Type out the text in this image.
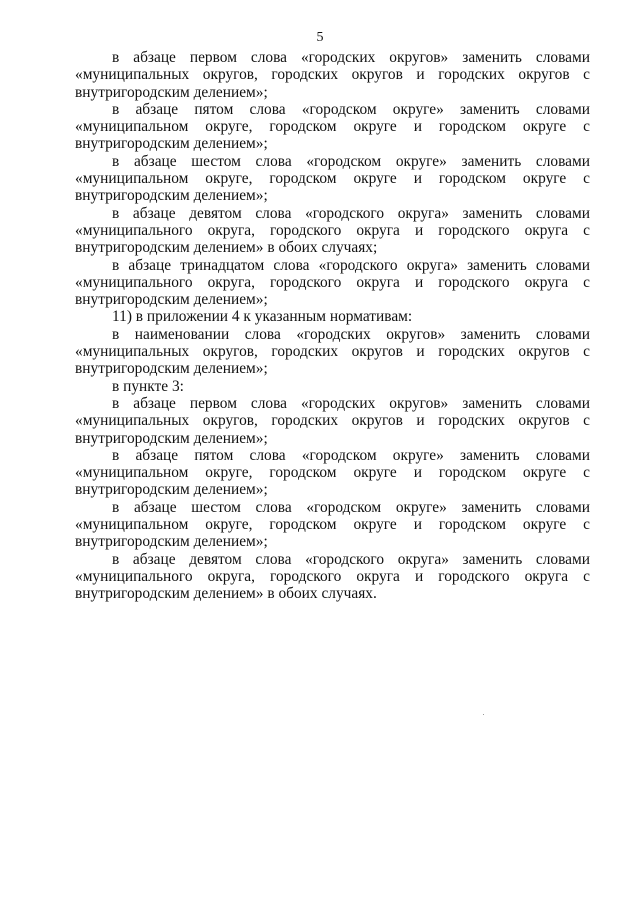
5

в абзаце первом слова «городских округов» заменить словами «муниципальных округов, городских округов и городских округов с внутригородским делением»;

в абзаце пятом слова «городском округе» заменить словами «муниципальном округе, городском округе и городском округе с внутригородским делением»;

в абзаце шестом слова «городском округе» заменить словами «муниципальном округе, городском округе и городском округе с внутригородским делением»;

в абзаце девятом слова «городского округа» заменить словами «муниципального округа, городского округа и городского округа с внутригородским делением» в обоих случаях;

в абзаце тринадцатом слова «городского округа» заменить словами «муниципального округа, городского округа и городского округа с внутригородским делением»;

11) в приложении 4 к указанным нормативам:

в наименовании слова «городских округов» заменить словами «муниципальных округов, городских округов и городских округов с внутригородским делением»;

в пункте 3:

в абзаце первом слова «городских округов» заменить словами «муниципальных округов, городских округов и городских округов с внутригородским делением»;

в абзаце пятом слова «городском округе» заменить словами «муниципальном округе, городском округе и городском округе с внутригородским делением»;

в абзаце шестом слова «городском округе» заменить словами «муниципальном округе, городском округе и городском округе с внутригородским делением»;

в абзаце девятом слова «городского округа» заменить словами «муниципального округа, городского округа и городского округа с внутригородским делением» в обоих случаях.
